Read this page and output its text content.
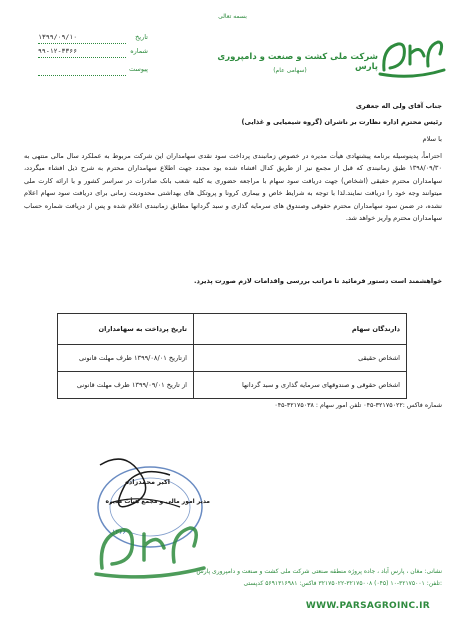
بسمه تعالی
شرکت ملی کشت و صنعت و دامپروری پارس
(سهامی عام)
تاریخ
۱۳۹۹/۰۹/۱۰
شماره
۹۹-۱۲-۳۳۶۶
پیوست
جناب آقای ولی اله جعفری
رئیس محترم اداره نظارت بر ناشران (گروه شیمیایی و غذایی)
با سلام
احتراماً، پدینوسیله برنامه پیشنهادی هیأت مدیره در خصوص زمانبندی پرداخت سود نقدی سهامداران این شرکت مربوط به عملکرد سال مالی منتهی به ۱۳۹۸/۰۹/۳۰ طبق زمانبندی که قبل از مجمع نیز از طریق کدال افشاء شده بود مجدد جهت اطلاع سهامداران محترم به شرح ذیل افشاء میگردد، سهامداران محترم حقیقی (اشخاص) جهت دریافت سود سهام با مراجعه حضوری به کلیه شعب بانک صادرات در سراسر کشور و با ارائه کارت ملی میتوانند وجه خود را دریافت نمایند.لذا با توجه به شرایط خاص و بیماری کرونا و پروتکل های بهداشتی محدودیت زمانی برای دریافت سود سهام اعلام نشده، در ضمن سود سهامداران محترم حقوقی وصندوق های سرمایه گذاری و سبد گردانها مطابق زمانبندی اعلام شده و پس از دریافت شماره حساب سهامداران محترم واریز خواهد شد.
خواهشمند است دستور فرمائید تا مراتب بررسی واقدامات لازم صورت پذیرد.
دارندگان سهام	تاریخ پرداخت به سهامداران
اشخاص حقیقی	ازتاریخ ۱۳۹۹/۰۸/۰۱ ظرف مهلت قانونی
اشخاص حقوقی و صندوقهای سرمایه گذاری و سبد گردانها	از تاریخ ۱۳۹۹/۰۹/۰۱ ظرف مهلت قانونی
شماره فاکس :۳۲۱۷۵۰۲۲-۰۴۵ تلفن امور سهام : ۳۲۱۷۵۰۳۸-۰۴۵
اکبر محمدزاده
مدیر امور مالی و مجمع هیأت مدیره
۱۳۶۶
نشانی: مغان ، پارس آباد ، جاده پروژه منطقه صنعتی شرکت ملی کشت و صنعت و دامپروری پارس
تلفن: ۳۲۱۷۵۰۰۱-۱۰ (۰۴۵) ۳۲۱۷۵۰۰۸-۳۲۱۷۵۰۲۲ فاکس: ۵۶۹۱۳۱۶۹۸۱ کدپستی:
WWW.PARSAGROINC.IR
